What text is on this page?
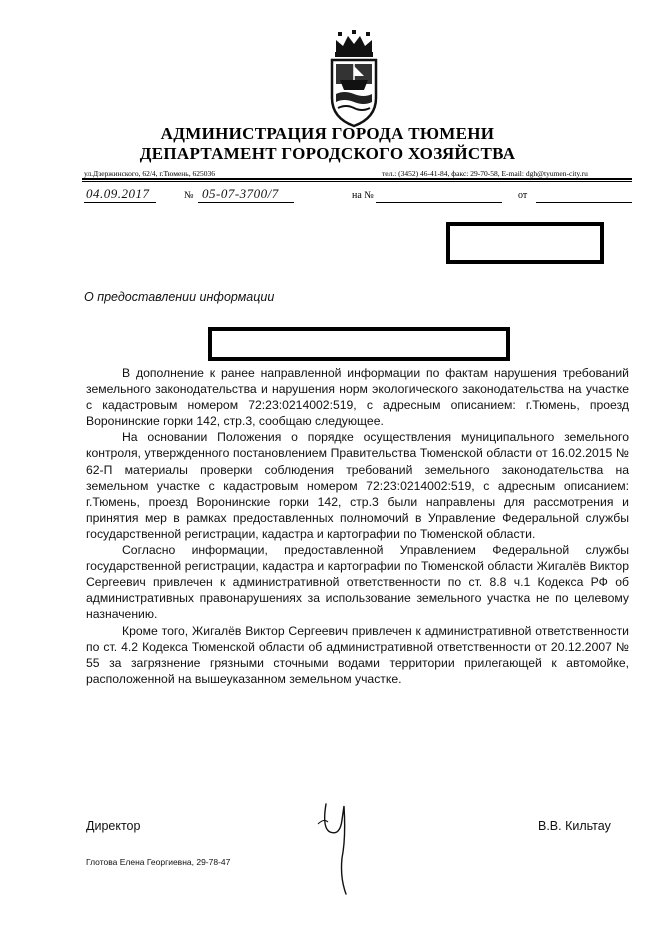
АДМИНИСТРАЦИЯ ГОРОДА ТЮМЕНИ
ДЕПАРТАМЕНТ ГОРОДСКОГО ХОЗЯЙСТВА
ул.Дзержинского, 62/4, г.Тюмень, 625036	тел.: (3452) 46-41-84, факс: 29-70-58, E-mail: dgh@tyumen-city.ru
04.09.2017	№ 05-07-3700/7	на №	от
О предоставлении информации

В дополнение к ранее направленной информации по фактам нарушения требований земельного законодательства и нарушения норм экологического законодательства на участке с кадастровым номером 72:23:0214002:519, с адресным описанием: г.Тюмень, проезд Воронинские горки 142, стр.3, сообщаю следующее.

На основании Положения о порядке осуществления муниципального земельного контроля, утвержденного постановлением Правительства Тюменской области от 16.02.2015 № 62-П материалы проверки соблюдения требований земельного законодательства на земельном участке с кадастровым номером 72:23:0214002:519, с адресным описанием: г.Тюмень, проезд Воронинские горки 142, стр.3 были направлены для рассмотрения и принятия мер в рамках предоставленных полномочий в Управление Федеральной службы государственной регистрации, кадастра и картографии по Тюменской области.

Согласно информации, предоставленной Управлением Федеральной службы государственной регистрации, кадастра и картографии по Тюменской области Жигалёв Виктор Сергеевич привлечен к административной ответственности по ст. 8.8 ч.1 Кодекса РФ об административных правонарушениях за использование земельного участка не по целевому назначению.

Кроме того, Жигалёв Виктор Сергеевич привлечен к административной ответственности по ст. 4.2 Кодекса Тюменской области об административной ответственности от 20.12.2007 № 55 за загрязнение грязными сточными водами территории прилегающей к автомойке, расположенной на вышеуказанном земельном участке.

Директор	В.В. Кильтау
Глотова Елена Георгиевна, 29-78-47
